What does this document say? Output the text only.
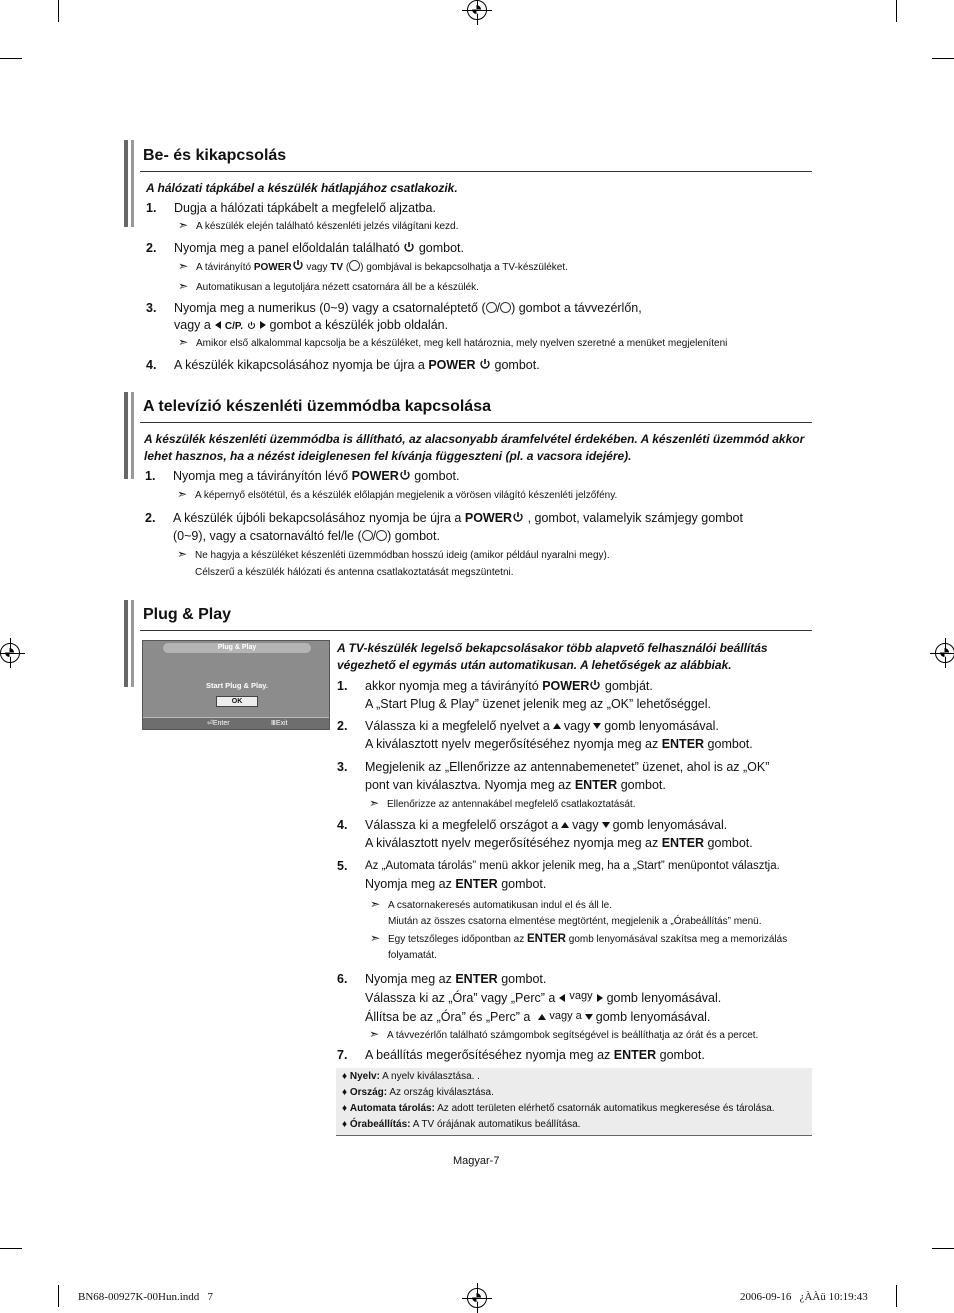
Be- és kikapcsolás
A hálózati tápkábel a készülék hátlapjához csatlakozik.
1. Dugja a hálózati tápkábelt a megfelelő aljzatba.
➣ A készülék elején található készenléti jelzés világítani kezd.
2. Nyomja meg a panel előoldalán található gombot.
➣ A távirányító POWER vagy TV ( ) gombjával is bekapcsolhatja a TV-készüléket.
➣ Automatikusan a legutoljára nézett csatornára áll be a készülék.
3. Nyomja meg a numerikus (0~9) vagy a csatornaléptető ( / ) gombot a távvezérlőn,
vagy a C/P. gombot a készülék jobb oldalán.
➣ Amikor első alkalommal kapcsolja be a készüléket, meg kell határoznia, mely nyelven szeretné a menüket megjeleníteni
4. A készülék kikapcsolásához nyomja be újra a POWER gombot.
A televízió készenléti üzemmódba kapcsolása
A készülék készenléti üzemmódba is állítható, az alacsonyabb áramfelvétel érdekében. A készenléti üzemmód akkor
lehet hasznos, ha a nézést ideiglenesen fel kívánja függeszteni (pl. a vacsora idejére).
1. Nyomja meg a távirányítón lévő POWER gombot.
➣ A képernyő elsötétül, és a készülék előlapján megjelenik a vörösen világító készenléti jelzőfény.
2. A készülék újbóli bekapcsolásához nyomja be újra a POWER , gombot, valamelyik számjegy gombot
(0~9), vagy a csatornaváltó fel/le ( / ) gombot.
➣ Ne hagyja a készüléket készenléti üzemmódban hosszú ideig (amikor például nyaralni megy).
Célszerű a készülék hálózati és antenna csatlakoztatását megszüntetni.
Plug & Play
Plug & Play
Start Plug & Play.
OK
⏎Enter	ⅢExit
A TV-készülék legelső bekapcsolásakor több alapvető felhasználói beállítás
végezhető el egymás után automatikusan. A lehetőségek az alábbiak.
1. akkor nyomja meg a távirányító POWER gombját.
A „Start Plug & Play” üzenet jelenik meg az „OK” lehetőséggel.
2. Válassza ki a megfelelő nyelvet a vagy gomb lenyomásával.
A kiválasztott nyelv megerősítéséhez nyomja meg az ENTER gombot.
3. Megjelenik az „Ellenőrizze az antennabemenetet” üzenet, ahol is az „OK”
pont van kiválasztva. Nyomja meg az ENTER gombot.
➣ Ellenőrizze az antennakábel megfelelő csatlakoztatását.
4. Válassza ki a megfelelő országot a vagy gomb lenyomásával.
A kiválasztott nyelv megerősítéséhez nyomja meg az ENTER gombot.
5. Az „Automata tárolás” menü akkor jelenik meg, ha a „Start” menüpontot választja.
Nyomja meg az ENTER gombot.
➣ A csatornakeresés automatikusan indul el és áll le.
Miután az összes csatorna elmentése megtörtént, megjelenik a „Órabeállítás” menü.
➣ Egy tetszőleges időpontban az ENTER gomb lenyomásával szakítsa meg a memorizálás
folyamatát.
6. Nyomja meg az ENTER gombot.
Válassza ki az „Óra” vagy „Perc” a vagy gomb lenyomásával.
Állítsa be az „Óra” és „Perc” a vagy a gomb lenyomásával.
➣ A távvezérlőn található számgombok segítségével is beállíthatja az órát és a percet.
7. A beállítás megerősítéséhez nyomja meg az ENTER gombot.
♦ Nyelv: A nyelv kiválasztása. .
♦ Ország: Az ország kiválasztása.
♦ Automata tárolás: Az adott területen elérhető csatornák automatikus megkeresése és tárolása.
♦ Órabeállítás: A TV órájának automatikus beállítása.
Magyar-7
BN68-00927K-00Hun.indd   7	2006-09-16   ¿ÀÀü 10:19:43
